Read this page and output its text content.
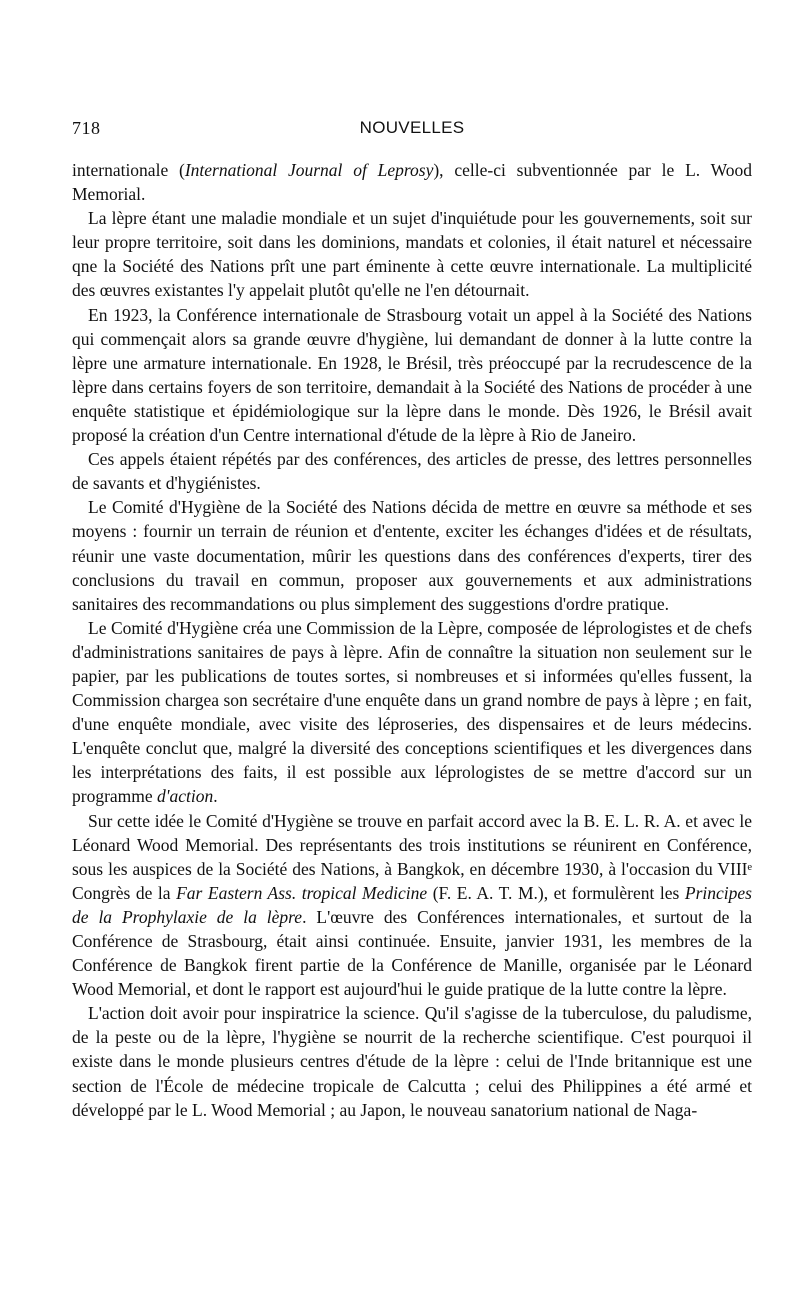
718	NOUVELLES

internationale (International Journal of Leprosy), celle-ci subventionnée par le L. Wood Memorial.

La lèpre étant une maladie mondiale et un sujet d'inquiétude pour les gouvernements, soit sur leur propre territoire, soit dans les dominions, mandats et colonies, il était naturel et nécessaire qne la Société des Nations prît une part éminente à cette œuvre internationale. La multiplicité des œuvres existantes l'y appelait plutôt qu'elle ne l'en détournait.

En 1923, la Conférence internationale de Strasbourg votait un appel à la Société des Nations qui commençait alors sa grande œuvre d'hygiène, lui demandant de donner à la lutte contre la lèpre une armature internationale. En 1928, le Brésil, très préoccupé par la recrudescence de la lèpre dans certains foyers de son territoire, demandait à la Société des Nations de procéder à une enquête statistique et épidémiologique sur la lèpre dans le monde. Dès 1926, le Brésil avait proposé la création d'un Centre international d'étude de la lèpre à Rio de Janeiro.

Ces appels étaient répétés par des conférences, des articles de presse, des lettres personnelles de savants et d'hygiénistes.

Le Comité d'Hygiène de la Société des Nations décida de mettre en œuvre sa méthode et ses moyens : fournir un terrain de réunion et d'entente, exciter les échanges d'idées et de résultats, réunir une vaste documentation, mûrir les questions dans des conférences d'experts, tirer des conclusions du travail en commun, proposer aux gouvernements et aux administrations sanitaires des recommandations ou plus simplement des suggestions d'ordre pratique.

Le Comité d'Hygiène créa une Commission de la Lèpre, composée de léprologistes et de chefs d'administrations sanitaires de pays à lèpre. Afin de connaître la situation non seulement sur le papier, par les publications de toutes sortes, si nombreuses et si informées qu'elles fussent, la Commission chargea son secrétaire d'une enquête dans un grand nombre de pays à lèpre ; en fait, d'une enquête mondiale, avec visite des léproseries, des dispensaires et de leurs médecins. L'enquête conclut que, malgré la diversité des conceptions scientifiques et les divergences dans les interprétations des faits, il est possible aux léprologistes de se mettre d'accord sur un programme d'action.

Sur cette idée le Comité d'Hygiène se trouve en parfait accord avec la B. E. L. R. A. et avec le Léonard Wood Memorial. Des représentants des trois institutions se réunirent en Conférence, sous les auspices de la Société des Nations, à Bangkok, en décembre 1930, à l'occasion du VIIIᵉ Congrès de la Far Eastern Ass. tropical Medicine (F. E. A. T. M.), et formulèrent les Principes de la Prophylaxie de la lèpre. L'œuvre des Conférences internationales, et surtout de la Conférence de Strasbourg, était ainsi continuée. Ensuite, janvier 1931, les membres de la Conférence de Bangkok firent partie de la Conférence de Manille, organisée par le Léonard Wood Memorial, et dont le rapport est aujourd'hui le guide pratique de la lutte contre la lèpre.

L'action doit avoir pour inspiratrice la science. Qu'il s'agisse de la tuberculose, du paludisme, de la peste ou de la lèpre, l'hygiène se nourrit de la recherche scientifique. C'est pourquoi il existe dans le monde plusieurs centres d'étude de la lèpre : celui de l'Inde britannique est une section de l'École de médecine tropicale de Calcutta ; celui des Philippines a été armé et développé par le L. Wood Memorial ; au Japon, le nouveau sanatorium national de Naga-
